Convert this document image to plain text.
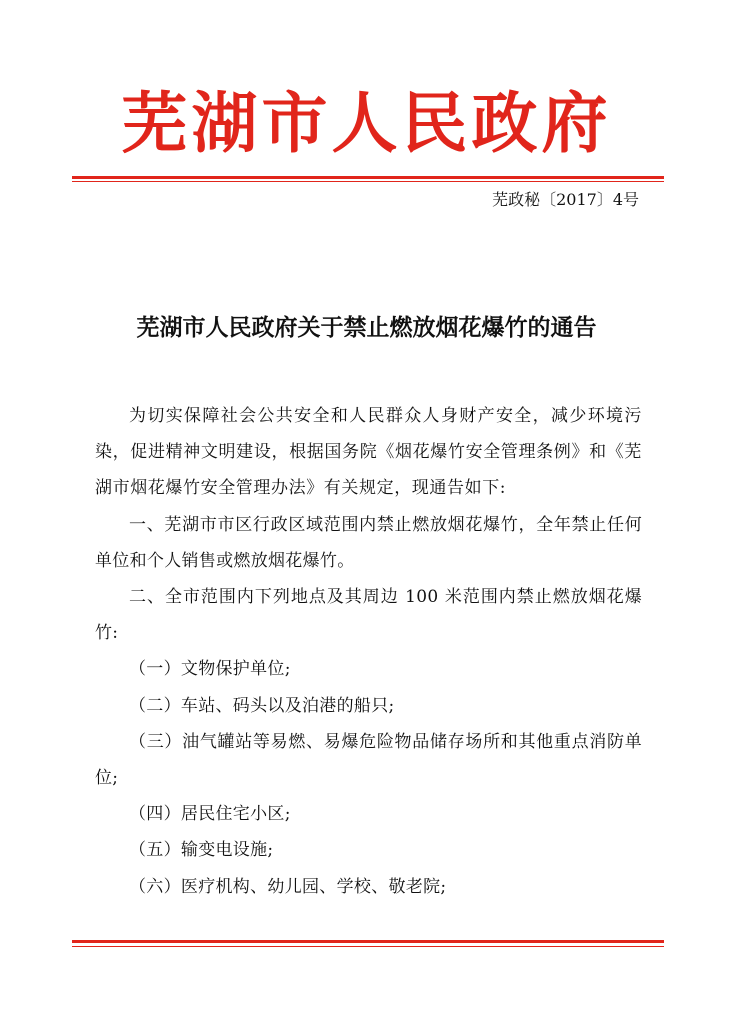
芜湖市人民政府
芜政秘〔2017〕4号
芜湖市人民政府关于禁止燃放烟花爆竹的通告

为切实保障社会公共安全和人民群众人身财产安全，减少环境污染，促进精神文明建设，根据国务院《烟花爆竹安全管理条例》和《芜湖市烟花爆竹安全管理办法》有关规定，现通告如下:

一、芜湖市市区行政区域范围内禁止燃放烟花爆竹，全年禁止任何单位和个人销售或燃放烟花爆竹。

二、全市范围内下列地点及其周边 100 米范围内禁止燃放烟花爆竹:

（一）文物保护单位;

（二）车站、码头以及泊港的船只;

（三）油气罐站等易燃、易爆危险物品储存场所和其他重点消防单位;

（四）居民住宅小区;

（五）输变电设施;

（六）医疗机构、幼儿园、学校、敬老院;
